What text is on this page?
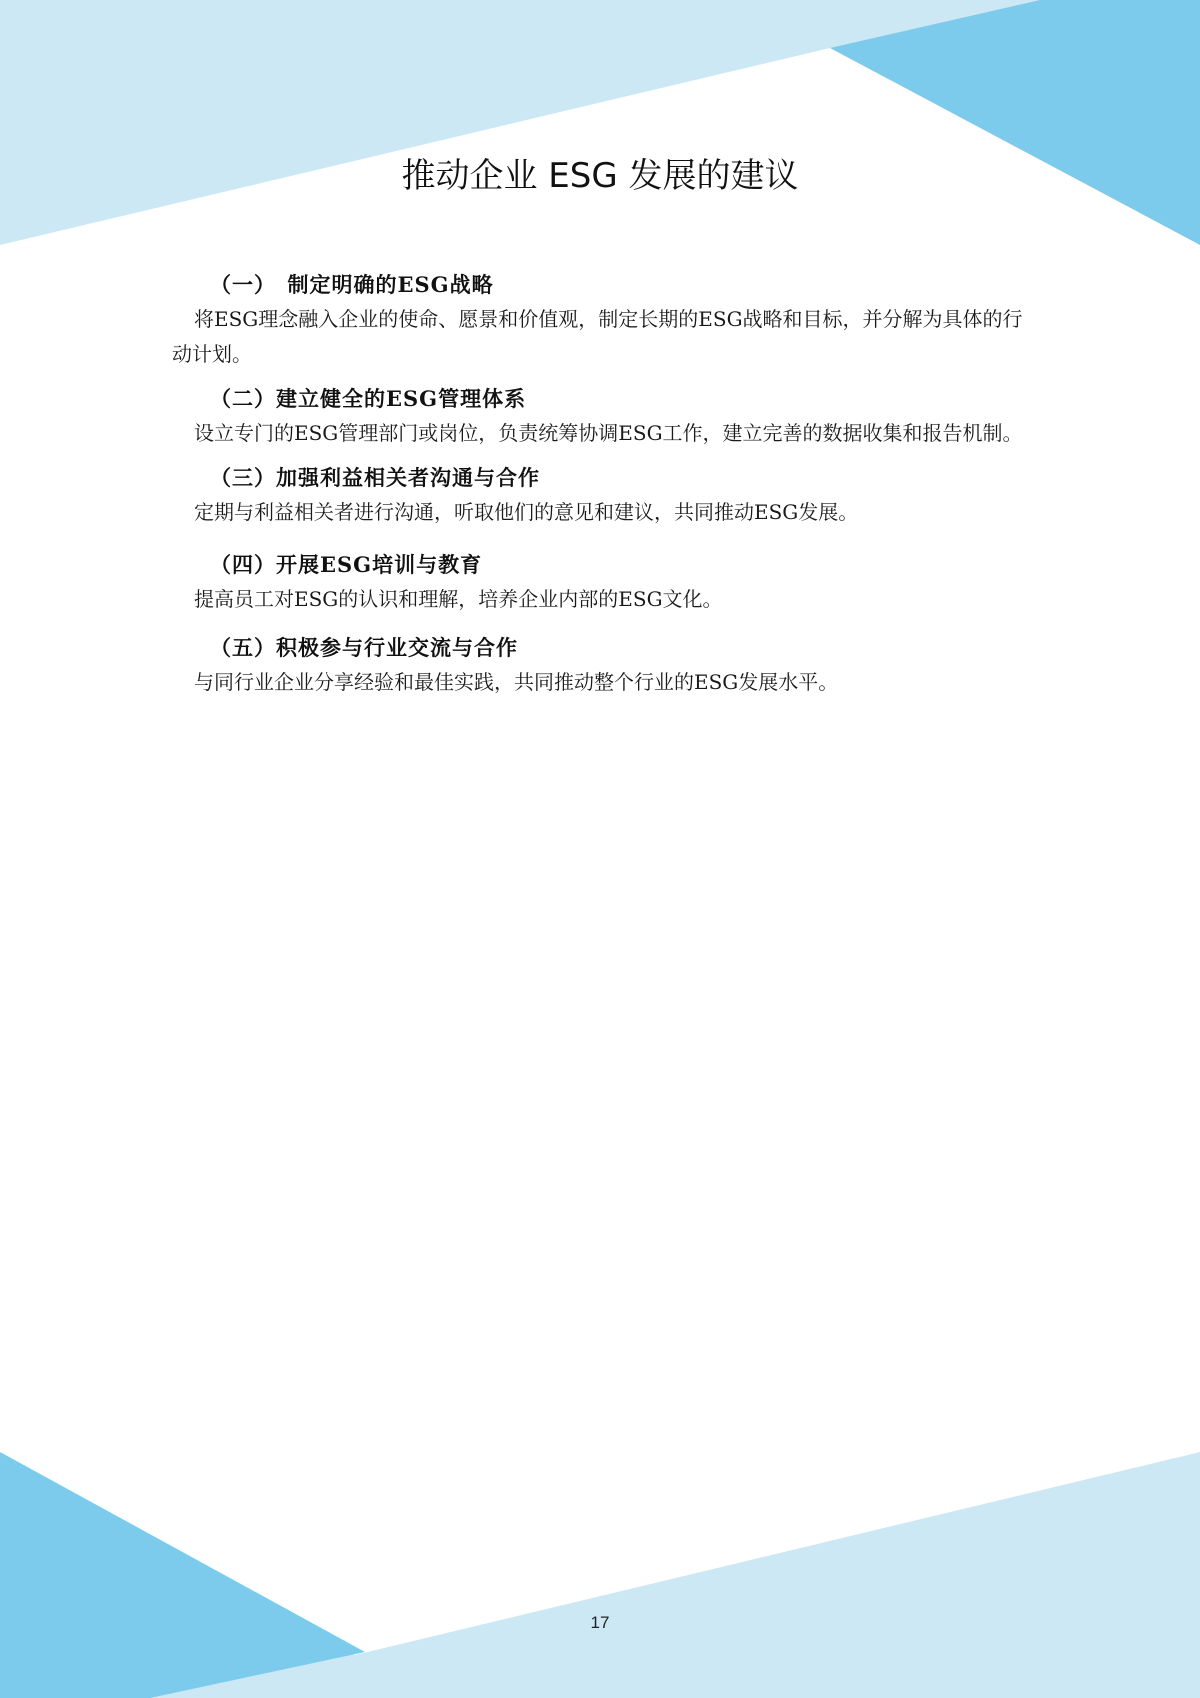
推动企业 ESG 发展的建议
（一）　制定明确的ESG战略
将ESG理念融入企业的使命、愿景和价值观，制定长期的ESG战略和目标，并分解为具体的行动计划。
（二）建立健全的ESG管理体系
设立专门的ESG管理部门或岗位，负责统筹协调ESG工作，建立完善的数据收集和报告机制。
（三）加强利益相关者沟通与合作
定期与利益相关者进行沟通，听取他们的意见和建议，共同推动ESG发展。
（四）开展ESG培训与教育
提高员工对ESG的认识和理解，培养企业内部的ESG文化。
（五）积极参与行业交流与合作
与同行业企业分享经验和最佳实践，共同推动整个行业的ESG发展水平。
17
